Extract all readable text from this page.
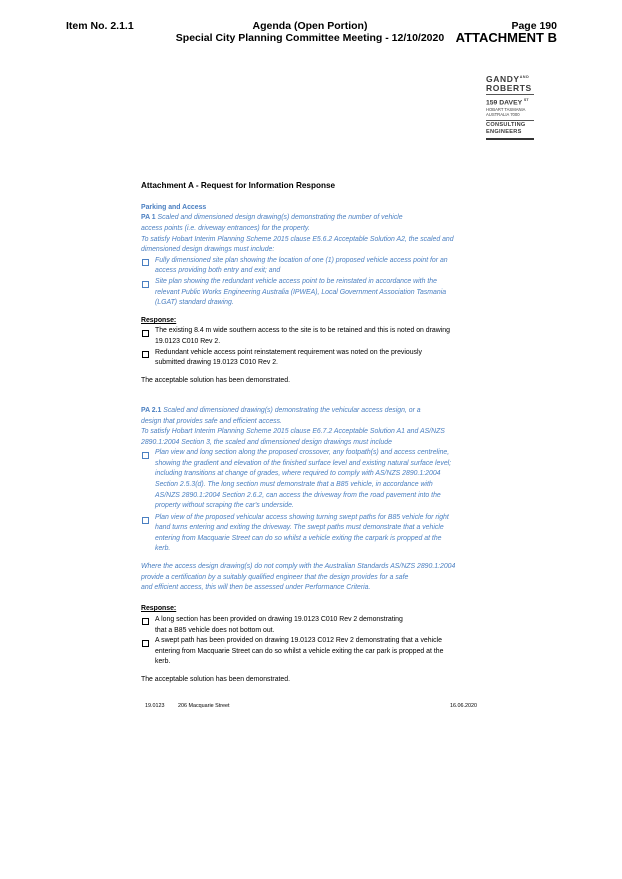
Item No. 2.1.1	Agenda (Open Portion)
Special City Planning Committee Meeting - 12/10/2020
Page 190
ATTACHMENT B
$GANDY^{AND}$
ROBERTS
159 DAVEY $^{ST}$
HOBART TASMANIA
AUSTRALIA 7000
CONSULTING
ENGINEERS
Attachment A - Request for Information Response
Parking and Access
PA 1 Scaled and dimensioned design drawing(s) demonstrating the number of vehicle
access points (i.e. driveway entrances) for the property.
To satisfy Hobart Interim Planning Scheme 2015 clause E5.6.2 Acceptable Solution A2, the scaled and
dimensioned design drawings must include:
Fully dimensioned site plan showing the location of one (1) proposed vehicle access point for an
access providing both entry and exit; and
Site plan showing the redundant vehicle access point to be reinstated in accordance with the
relevant Public Works Engineering Australia (IPWEA), Local Government Association Tasmania
(LGAT) standard drawing.
Response:
The existing 8.4 m wide southern access to the site is to be retained and this is noted on drawing
19.0123 C010 Rev 2.
Redundant vehicle access point reinstatement requirement was noted on the previously
submitted drawing 19.0123 C010 Rev 2.
The acceptable solution has been demonstrated.
PA 2.1 Scaled and dimensioned drawing(s) demonstrating the vehicular access design, or a
design that provides safe and efficient access.
To satisfy Hobart Interim Planning Scheme 2015 clause E6.7.2 Acceptable Solution A1 and AS/NZS
2890.1:2004 Section 3, the scaled and dimensioned design drawings must include
Plan view and long section along the proposed crossover, any footpath(s) and access centreline,
showing the gradient and elevation of the finished surface level and existing natural surface level;
including transitions at change of grades, where required to comply with AS/NZS 2890.1:2004
Section 2.5.3(d). The long section must demonstrate that a B85 vehicle, in accordance with
AS/NZS 2890.1:2004 Section 2.6.2, can access the driveway from the road pavement into the
property without scraping the car's underside.
Plan view of the proposed vehicular access showing turning swept paths for B85 vehicle for right
hand turns entering and exiting the driveway. The swept paths must demonstrate that a vehicle
entering from Macquarie Street can do so whilst a vehicle exiting the carpark is propped at the
kerb.
Where the access design drawing(s) do not comply with the Australian Standards AS/NZS 2890.1:2004
provide a certification by a suitably qualified engineer that the design provides for a safe
and efficient access, this will then be assessed under Performance Criteria.
Response:
A long section has been provided on drawing 19.0123 C010 Rev 2 demonstrating
that a B85 vehicle does not bottom out.
A swept path has been provided on drawing 19.0123 C012 Rev 2 demonstrating that a vehicle
entering from Macquarie Street can do so whilst a vehicle exiting the car park is propped at the
kerb.
The acceptable solution has been demonstrated.
19.0123	206 Macquarie Street	16.06.2020
